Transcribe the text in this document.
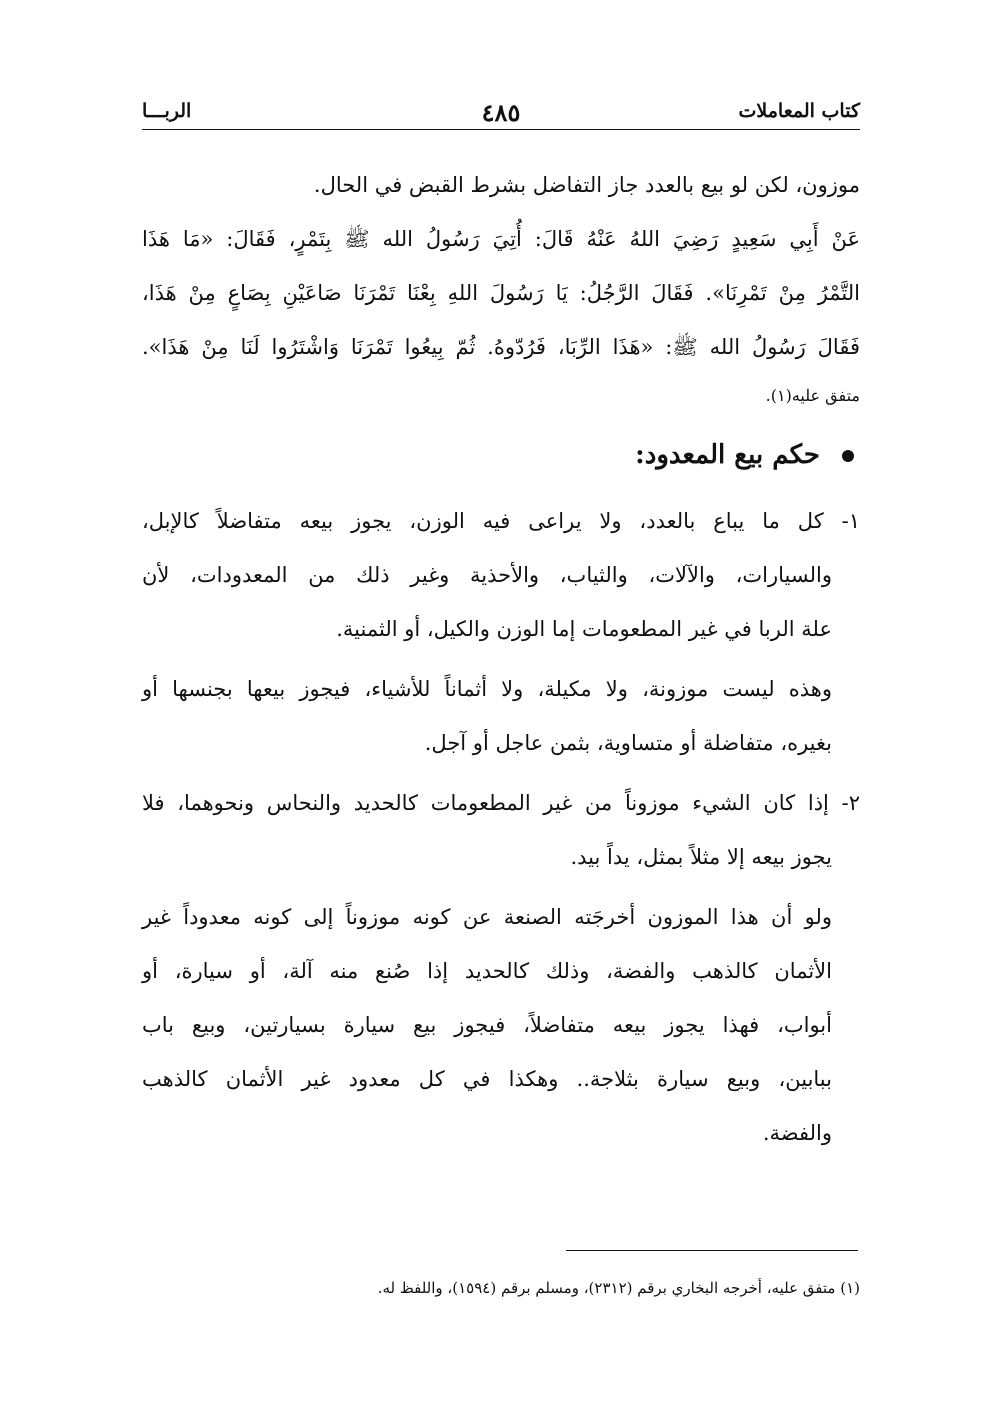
كتاب المعاملات
٤٨٥
الربـــا
موزون، لكن لو بيع بالعدد جاز التفاضل بشرط القبض في الحال.
عَنْ أَبِي سَعِيدٍ رَضِيَ اللهُ عَنْهُ قَالَ: أُتِيَ رَسُولُ الله ﷺ بِتَمْرٍ، فَقَالَ: «مَا هَذَا
التَّمْرُ مِنْ تَمْرِنَا». فَقَالَ الرَّجُلُ: يَا رَسُولَ اللهِ بِعْنَا تَمْرَنَا صَاعَيْنِ بِصَاعٍ مِنْ هَذَا،
فَقَالَ رَسُولُ الله ﷺ: «هَذَا الرِّبَا، فَرُدّوهُ. ثُمّ بِيعُوا تَمْرَنَا وَاشْتَرُوا لَنَا مِنْ هَذَا».
متفق عليه(١).
حكم بيع المعدود:
١- كل ما يباع بالعدد، ولا يراعى فيه الوزن، يجوز بيعه متفاضلاً كالإبل،
والسيارات، والآلات، والثياب، والأحذية وغير ذلك من المعدودات، لأن
علة الربا في غير المطعومات إما الوزن والكيل، أو الثمنية.
وهذه ليست موزونة، ولا مكيلة، ولا أثماناً للأشياء، فيجوز بيعها بجنسها أو
بغيره، متفاضلة أو متساوية، بثمن عاجل أو آجل.
٢- إذا كان الشيء موزوناً من غير المطعومات كالحديد والنحاس ونحوهما، فلا
يجوز بيعه إلا مثلاً بمثل، يداً بيد.
ولو أن هذا الموزون أخرجَته الصنعة عن كونه موزوناً إلى كونه معدوداً غير
الأثمان كالذهب والفضة، وذلك كالحديد إذا صُنع منه آلة، أو سيارة، أو
أبواب، فهذا يجوز بيعه متفاضلاً، فيجوز بيع سيارة بسيارتين، وبيع باب
ببابين، وبيع سيارة بثلاجة.. وهكذا في كل معدود غير الأثمان كالذهب
والفضة.
(١) متفق عليه، أخرجه البخاري برقم (٢٣١٢)، ومسلم برقم (١٥٩٤)، واللفظ له.
